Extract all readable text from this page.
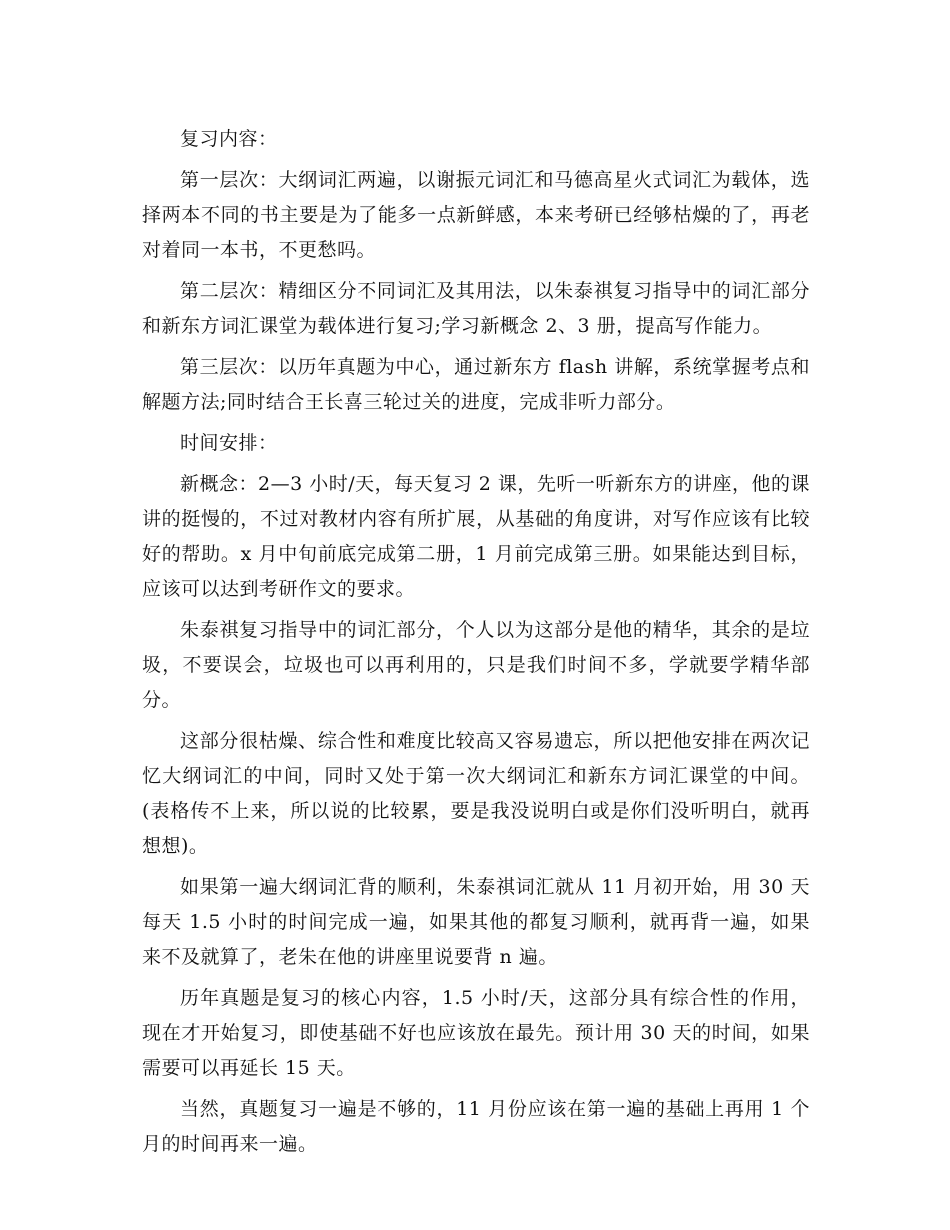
复习内容：

第一层次：大纲词汇两遍，以谢振元词汇和马德高星火式词汇为载体，选择两本不同的书主要是为了能多一点新鲜感，本来考研已经够枯燥的了，再老对着同一本书，不更愁吗。

第二层次：精细区分不同词汇及其用法，以朱泰祺复习指导中的词汇部分和新东方词汇课堂为载体进行复习;学习新概念 2、3 册，提高写作能力。

第三层次：以历年真题为中心，通过新东方 flash 讲解，系统掌握考点和解题方法;同时结合王长喜三轮过关的进度，完成非听力部分。

时间安排：

新概念：2—3 小时/天，每天复习 2 课，先听一听新东方的讲座，他的课讲的挺慢的，不过对教材内容有所扩展，从基础的角度讲，对写作应该有比较好的帮助。x 月中旬前底完成第二册，1 月前完成第三册。如果能达到目标，应该可以达到考研作文的要求。

朱泰祺复习指导中的词汇部分，个人以为这部分是他的精华，其余的是垃圾，不要误会，垃圾也可以再利用的，只是我们时间不多，学就要学精华部分。

这部分很枯燥、综合性和难度比较高又容易遗忘，所以把他安排在两次记忆大纲词汇的中间，同时又处于第一次大纲词汇和新东方词汇课堂的中间。(表格传不上来，所以说的比较累，要是我没说明白或是你们没听明白，就再想想)。

如果第一遍大纲词汇背的顺利，朱泰祺词汇就从 11 月初开始，用 30 天每天 1.5 小时的时间完成一遍，如果其他的都复习顺利，就再背一遍，如果来不及就算了，老朱在他的讲座里说要背 n 遍。

历年真题是复习的核心内容，1.5 小时/天，这部分具有综合性的作用，现在才开始复习，即使基础不好也应该放在最先。预计用 30 天的时间，如果需要可以再延长 15 天。

当然，真题复习一遍是不够的，11 月份应该在第一遍的基础上再用 1 个月的时间再来一遍。
